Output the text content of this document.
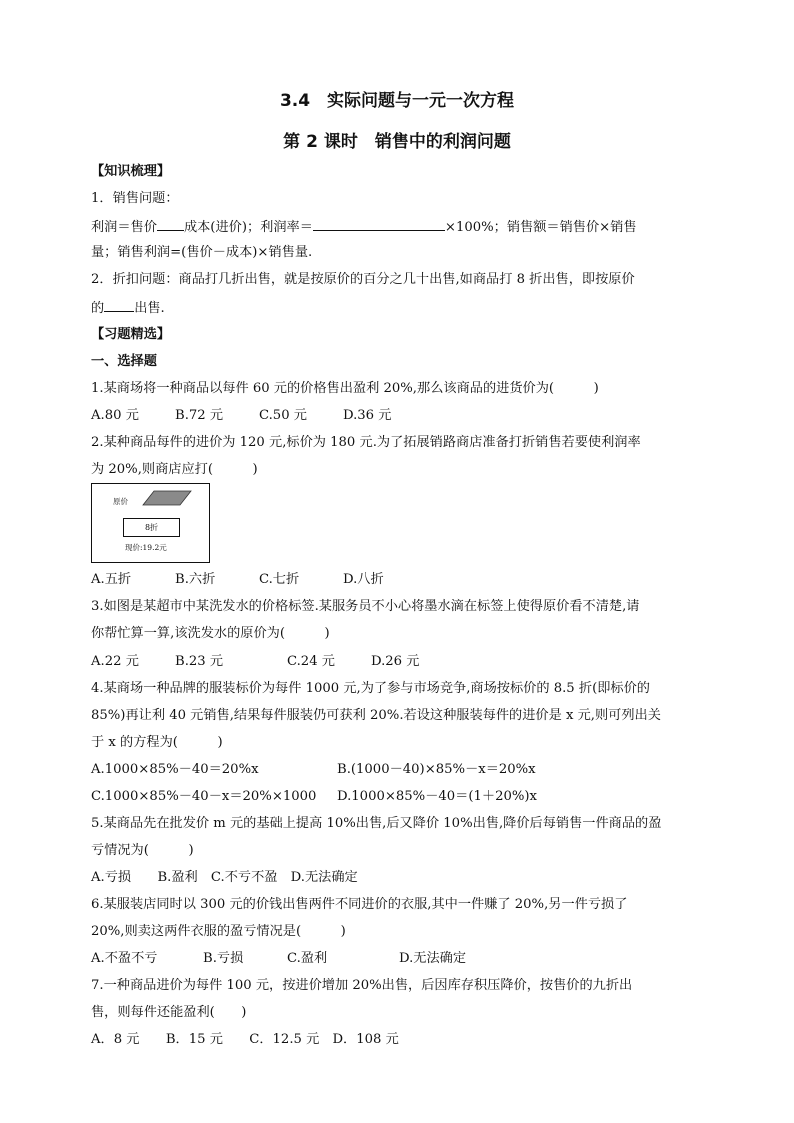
3.4　实际问题与一元一次方程
第 2 课时　销售中的利润问题
【知识梳理】
1．销售问题：
利润＝售价 成本(进价)；利润率＝	×100%；销售额＝销售价×销售
量；销售利润=(售价－成本)×销售量.
2．折扣问题：商品打几折出售，就是按原价的百分之几十出售,如商品打 8 折出售，即按原价
的 出售.
【习题精选】
一、选择题
1.某商场将一种商品以每件 60 元的价格售出盈利 20%,那么该商品的进货价为(　　　)
A.80 元	B.72 元	C.50 元	D.36 元
2.某种商品每件的进价为 120 元,标价为 180 元.为了拓展销路商店准备打折销售若要使利润率
为 20%,则商店应打(　　　)
原价
8折
现价:19.2元
A.五折	B.六折	C.七折	D.八折
3.如图是某超市中某洗发水的价格标签.某服务员不小心将墨水滴在标签上使得原价看不清楚,请
你帮忙算一算,该洗发水的原价为(　　　)
A.22 元	B.23 元	C.24 元	D.26 元
4.某商场一种品牌的服装标价为每件 1000 元,为了参与市场竞争,商场按标价的 8.5 折(即标价的
85%)再让利 40 元销售,结果每件服装仍可获利 20%.若设这种服装每件的进价是 x 元,则可列出关
于 x 的方程为(　　　)
A.1000×85%－40＝20%x	B.(1000－40)×85%－x＝20%x
C.1000×85%－40－x＝20%×1000 D.1000×85%－40＝(1＋20%)x
5.某商品先在批发价 m 元的基础上提高 10%出售,后又降价 10%出售,降价后每销售一件商品的盈
亏情况为(　　　)
A.亏损　　B.盈利　C.不亏不盈　D.无法确定
6.某服装店同时以 300 元的价钱出售两件不同进价的衣服,其中一件赚了 20%,另一件亏损了
20%,则卖这两件衣服的盈亏情况是(　　　)
A.不盈不亏	B.亏损	C.盈利	D.无法确定
7.一种商品进价为每件 100 元，按进价增加 20%出售，后因库存积压降价，按售价的九折出
售，则每件还能盈利(　　)
A．8 元　　B．15 元　　C．12.5 元　D．108 元
